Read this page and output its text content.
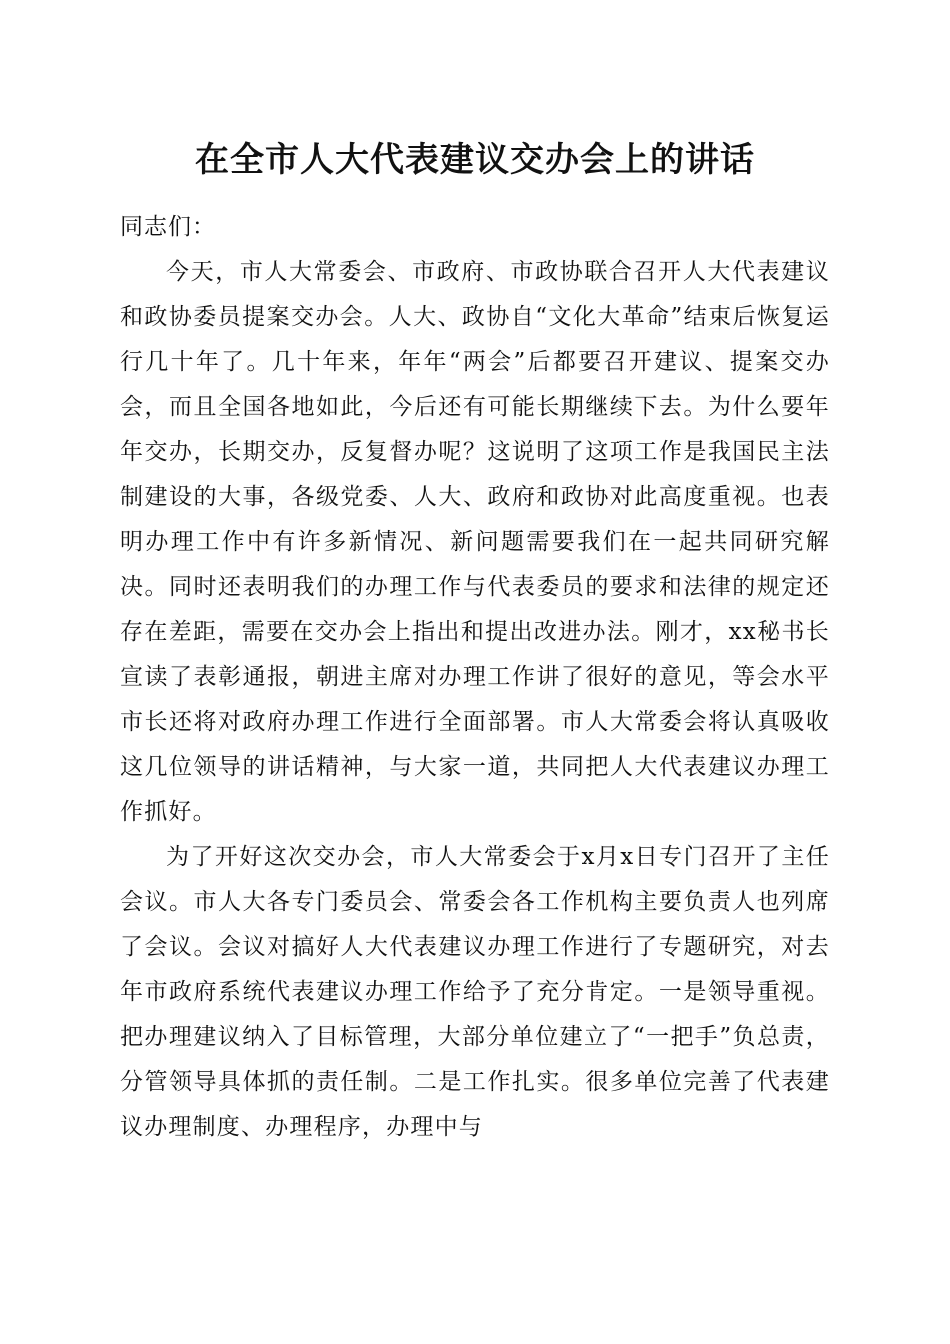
在全市人大代表建议交办会上的讲话

同志们：

今天，市人大常委会、市政府、市政协联合召开人大代表建议和政协委员提案交办会。人大、政协自“文化大革命”结束后恢复运行几十年了。几十年来，年年“两会”后都要召开建议、提案交办会，而且全国各地如此，今后还有可能长期继续下去。为什么要年年交办，长期交办，反复督办呢？这说明了这项工作是我国民主法制建设的大事，各级党委、人大、政府和政协对此高度重视。也表明办理工作中有许多新情况、新问题需要我们在一起共同研究解决。同时还表明我们的办理工作与代表委员的要求和法律的规定还存在差距，需要在交办会上指出和提出改进办法。刚才，xx秘书长宣读了表彰通报，朝进主席对办理工作讲了很好的意见，等会水平市长还将对政府办理工作进行全面部署。市人大常委会将认真吸收这几位领导的讲话精神，与大家一道，共同把人大代表建议办理工作抓好。

为了开好这次交办会，市人大常委会于x月x日专门召开了主任会议。市人大各专门委员会、常委会各工作机构主要负责人也列席了会议。会议对搞好人大代表建议办理工作进行了专题研究，对去年市政府系统代表建议办理工作给予了充分肯定。一是领导重视。把办理建议纳入了目标管理，大部分单位建立了“一把手”负总责，分管领导具体抓的责任制。二是工作扎实。很多单位完善了代表建议办理制度、办理程序，办理中与
